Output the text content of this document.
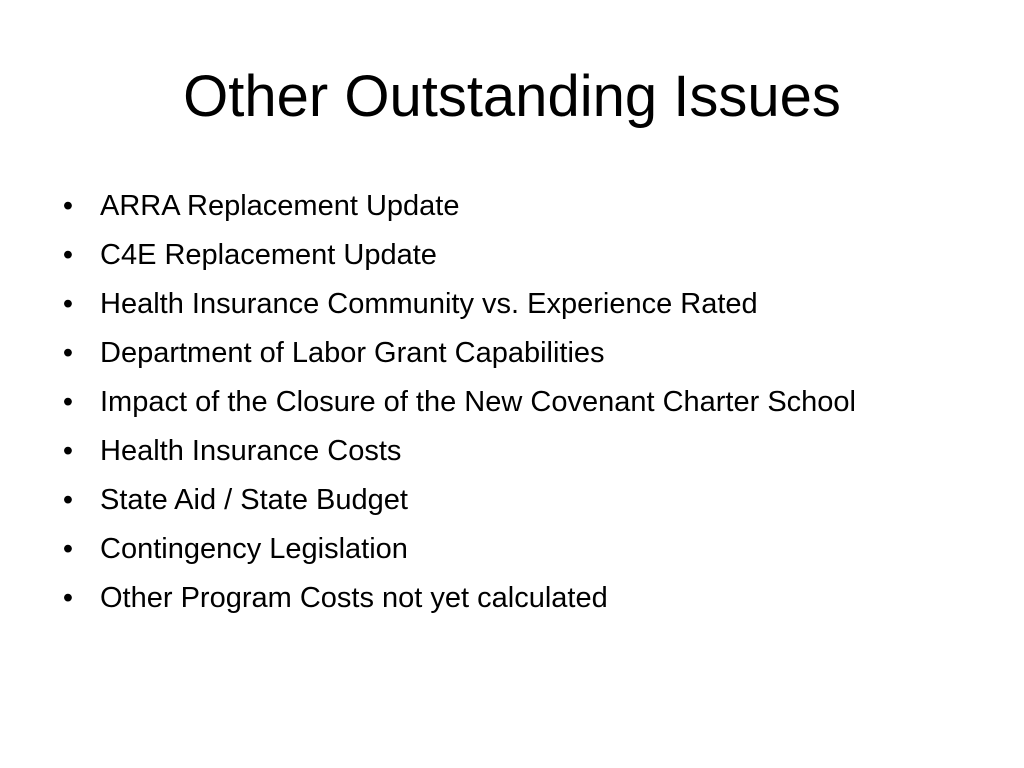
Other Outstanding Issues
• ARRA Replacement Update
• C4E Replacement Update
• Health Insurance Community vs. Experience Rated
• Department of Labor Grant Capabilities
• Impact of the Closure of the New Covenant Charter School
• Health Insurance Costs
• State Aid / State Budget
• Contingency Legislation
• Other Program Costs not yet calculated
